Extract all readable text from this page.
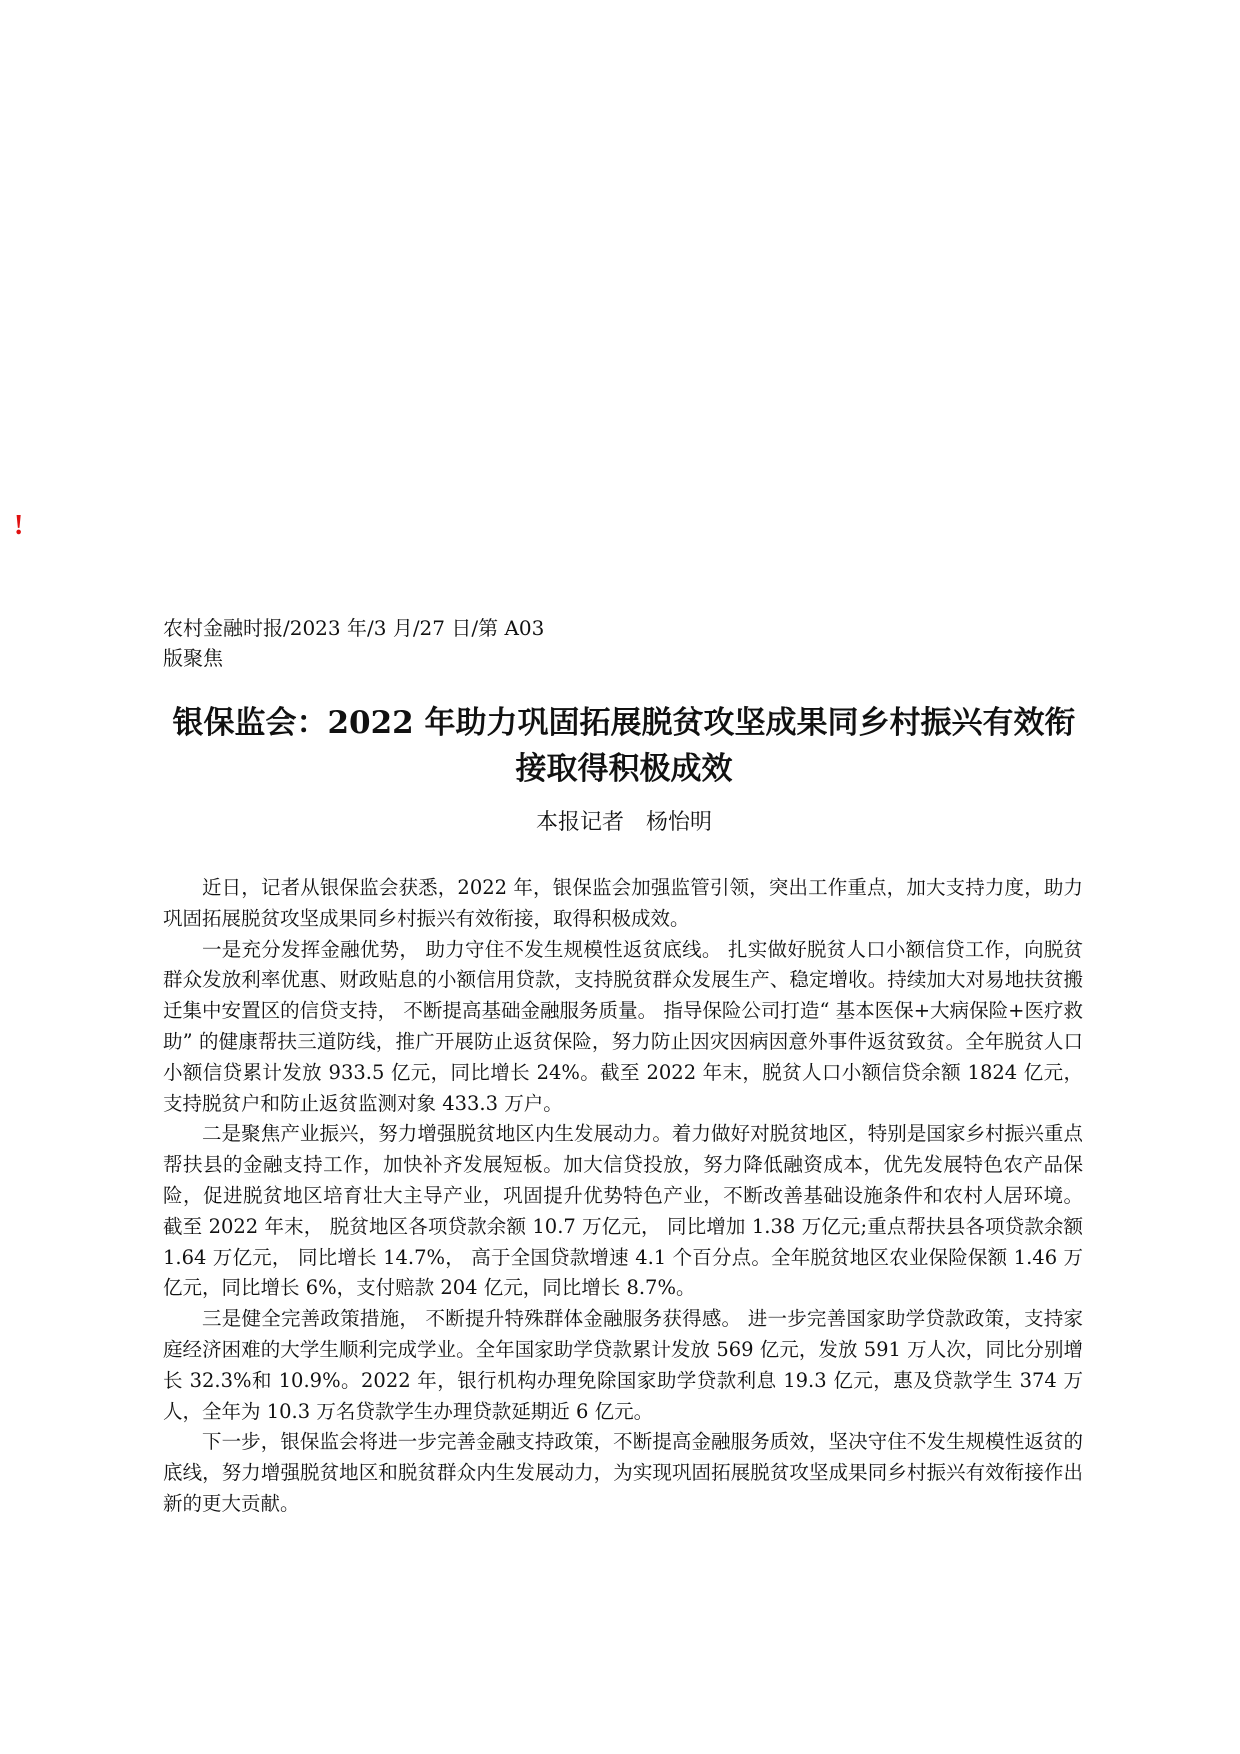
!
农村金融时报/2023 年/3 月/27 日/第 A03
版聚焦
银保监会：2022 年助力巩固拓展脱贫攻坚成果同乡村振兴有效衔接取得积极成效
本报记者　杨怡明

近日，记者从银保监会获悉，2022 年，银保监会加强监管引领，突出工作重点，加大支持力度，助力巩固拓展脱贫攻坚成果同乡村振兴有效衔接，取得积极成效。

一是充分发挥金融优势， 助力守住不发生规模性返贫底线。 扎实做好脱贫人口小额信贷工作，向脱贫群众发放利率优惠、财政贴息的小额信用贷款，支持脱贫群众发展生产、稳定增收。持续加大对易地扶贫搬迁集中安置区的信贷支持， 不断提高基础金融服务质量。 指导保险公司打造“ 基本医保+大病保险+医疗救助” 的健康帮扶三道防线，推广开展防止返贫保险，努力防止因灾因病因意外事件返贫致贫。全年脱贫人口小额信贷累计发放 933.5 亿元，同比增长 24%。截至 2022 年末，脱贫人口小额信贷余额 1824 亿元，支持脱贫户和防止返贫监测对象 433.3 万户。

二是聚焦产业振兴，努力增强脱贫地区内生发展动力。着力做好对脱贫地区，特别是国家乡村振兴重点帮扶县的金融支持工作，加快补齐发展短板。加大信贷投放，努力降低融资成本，优先发展特色农产品保险，促进脱贫地区培育壮大主导产业，巩固提升优势特色产业，不断改善基础设施条件和农村人居环境。 截至 2022 年末， 脱贫地区各项贷款余额 10.7 万亿元， 同比增加 1.38 万亿元;重点帮扶县各项贷款余额 1.64 万亿元， 同比增长 14.7%， 高于全国贷款增速 4.1 个百分点。全年脱贫地区农业保险保额 1.46 万亿元，同比增长 6%，支付赔款 204 亿元，同比增长 8.7%。

三是健全完善政策措施， 不断提升特殊群体金融服务获得感。 进一步完善国家助学贷款政策，支持家庭经济困难的大学生顺利完成学业。全年国家助学贷款累计发放 569 亿元，发放 591 万人次，同比分别增长 32.3%和 10.9%。2022 年，银行机构办理免除国家助学贷款利息 19.3 亿元，惠及贷款学生 374 万人，全年为 10.3 万名贷款学生办理贷款延期近 6 亿元。

下一步，银保监会将进一步完善金融支持政策，不断提高金融服务质效，坚决守住不发生规模性返贫的底线，努力增强脱贫地区和脱贫群众内生发展动力，为实现巩固拓展脱贫攻坚成果同乡村振兴有效衔接作出新的更大贡献。
